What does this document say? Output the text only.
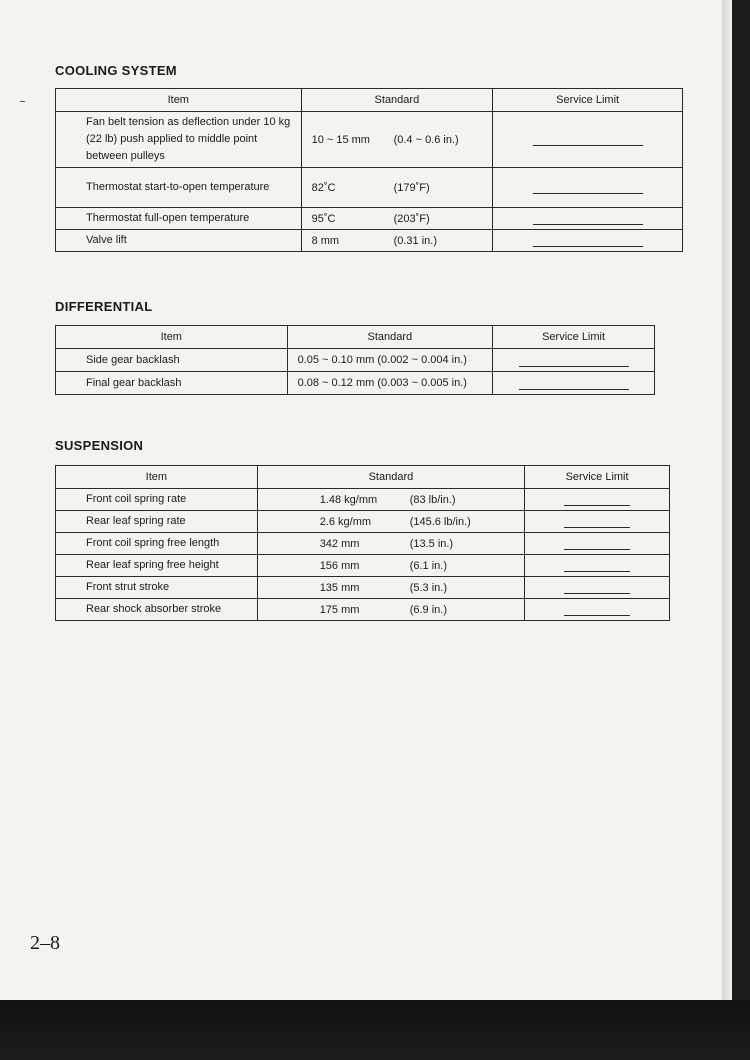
COOLING SYSTEM
Item	Standard	Service Limit
Fan belt tension as deflection under 10 kg (22 lb) push applied to middle point between pulleys	10 ~ 15 mm (0.4 ~ 0.6 in.)	

Thermostat start-to-open temperature	82˚C (179˚F)	

Thermostat full-open temperature	95˚C (203˚F)	

Valve lift	8 mm (0.31 in.)	

DIFFERENTIAL
Item	Standard	Service Limit
Side gear backlash	0.05 ~ 0.10 mm (0.002 ~ 0.004 in.)	

Final gear backlash	0.08 ~ 0.12 mm (0.003 ~ 0.005 in.)	

SUSPENSION
Item	Standard	Service Limit
Front coil spring rate	1.48 kg/mm (83 lb/in.)	

Rear leaf spring rate	2.6 kg/mm (145.6 lb/in.)	

Front coil spring free length	342 mm (13.5 in.)	

Rear leaf spring free height	156 mm (6.1 in.)	

Front strut stroke	135 mm (5.3 in.)	

Rear shock absorber stroke	175 mm (6.9 in.)	

2–8
